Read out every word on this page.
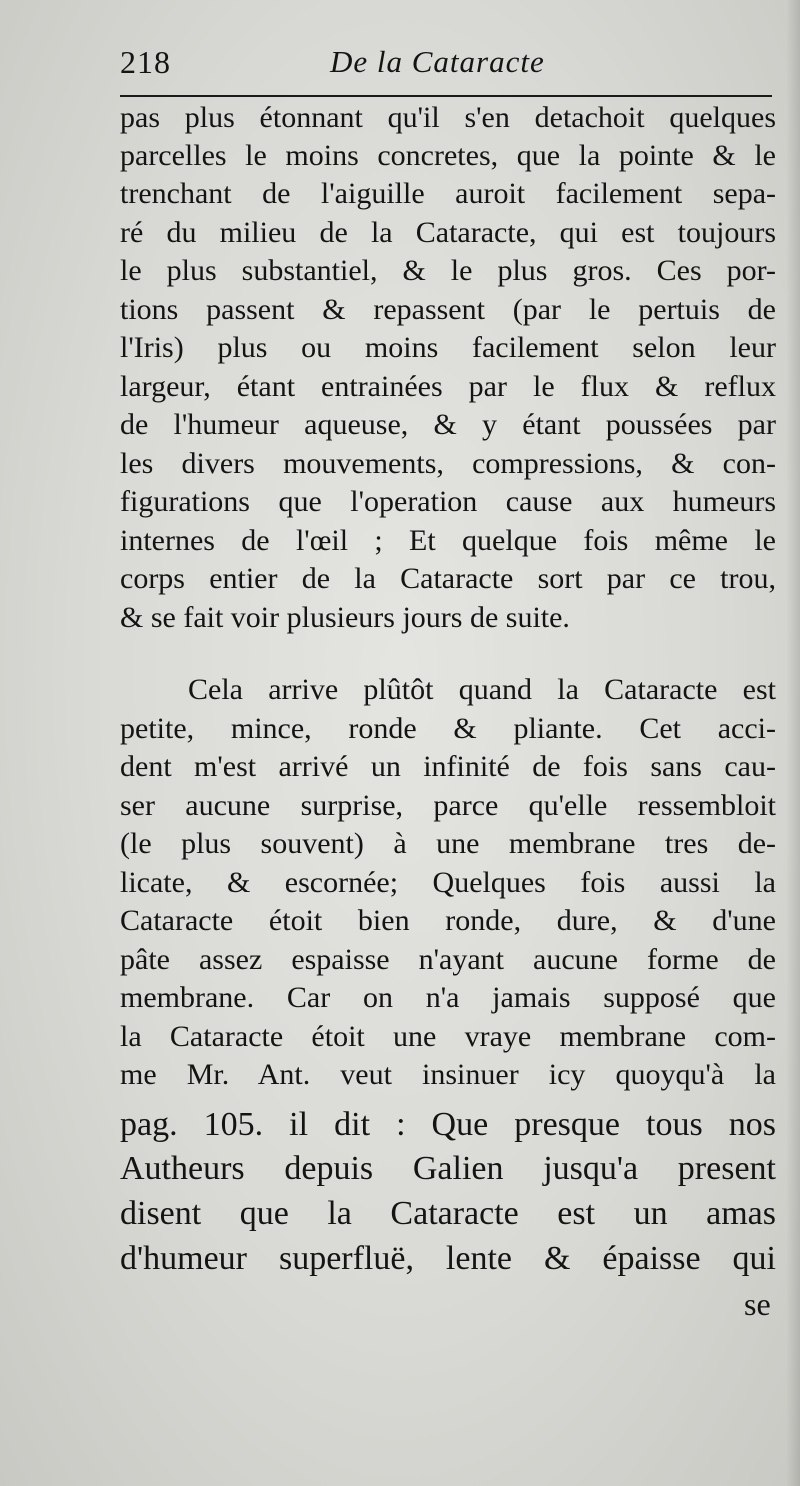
218	De la Cataracte
pas plus étonnant qu'il s'en detachoit quelques
parcelles le moins concretes, que la pointe & le
trenchant de l'aiguille auroit facilement sepa-
ré du milieu de la Cataracte, qui est toujours
le plus substantiel, & le plus gros. Ces por-
tions passent & repassent (par le pertuis de
l'Iris) plus ou moins facilement selon leur
largeur, étant entrainées par le flux & reflux
de l'humeur aqueuse, & y étant poussées par
les divers mouvements, compressions, & con-
figurations que l'operation cause aux humeurs
internes de l'œil ; Et quelque fois même le
corps entier de la Cataracte sort par ce trou,
& se fait voir plusieurs jours de suite.
Cela arrive plûtôt quand la Cataracte est
petite, mince, ronde & pliante. Cet acci-
dent m'est arrivé un infinité de fois sans cau-
ser aucune surprise, parce qu'elle ressembloit
(le plus souvent) à une membrane tres de-
licate, & escornée; Quelques fois aussi la
Cataracte étoit bien ronde, dure, & d'une
pâte assez espaisse n'ayant aucune forme de
membrane. Car on n'a jamais supposé que
la Cataracte étoit une vraye membrane com-
me Mr. Ant. veut insinuer icy quoyqu'à la
pag. 105. il dit : Que presque tous nos
Autheurs depuis Galien jusqu'a present
disent que la Cataracte est un amas
d'humeur superfluë, lente & épaisse qui
se
